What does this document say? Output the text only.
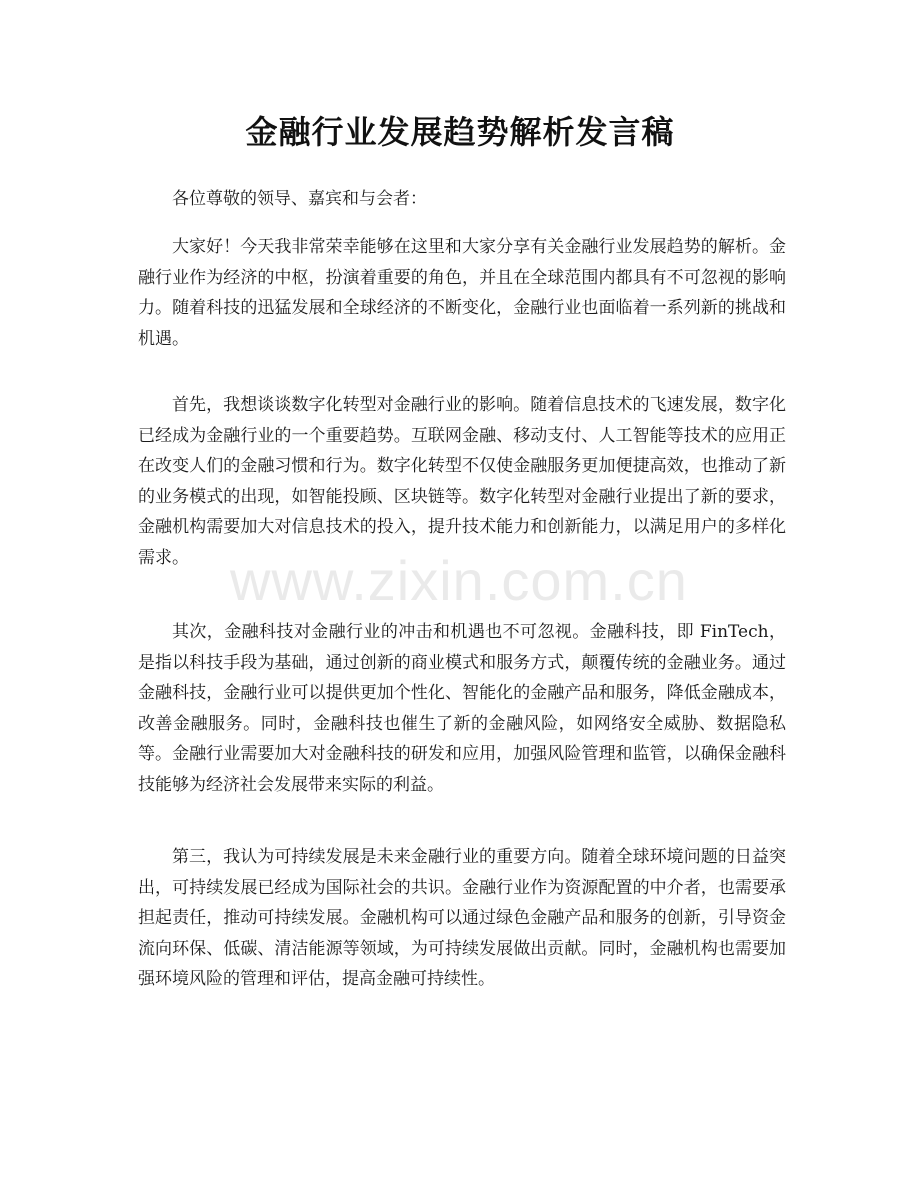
金融行业发展趋势解析发言稿

各位尊敬的领导、嘉宾和与会者：

大家好！今天我非常荣幸能够在这里和大家分享有关金融行业发展趋势的解析。金融行业作为经济的中枢，扮演着重要的角色，并且在全球范围内都具有不可忽视的影响力。随着科技的迅猛发展和全球经济的不断变化，金融行业也面临着一系列新的挑战和机遇。

首先，我想谈谈数字化转型对金融行业的影响。随着信息技术的飞速发展，数字化已经成为金融行业的一个重要趋势。互联网金融、移动支付、人工智能等技术的应用正在改变人们的金融习惯和行为。数字化转型不仅使金融服务更加便捷高效，也推动了新的业务模式的出现，如智能投顾、区块链等。数字化转型对金融行业提出了新的要求，金融机构需要加大对信息技术的投入，提升技术能力和创新能力，以满足用户的多样化需求。

其次，金融科技对金融行业的冲击和机遇也不可忽视。金融科技，即 FinTech，是指以科技手段为基础，通过创新的商业模式和服务方式，颠覆传统的金融业务。通过金融科技，金融行业可以提供更加个性化、智能化的金融产品和服务，降低金融成本，改善金融服务。同时，金融科技也催生了新的金融风险，如网络安全威胁、数据隐私等。金融行业需要加大对金融科技的研发和应用，加强风险管理和监管，以确保金融科技能够为经济社会发展带来实际的利益。

第三，我认为可持续发展是未来金融行业的重要方向。随着全球环境问题的日益突出，可持续发展已经成为国际社会的共识。金融行业作为资源配置的中介者，也需要承担起责任，推动可持续发展。金融机构可以通过绿色金融产品和服务的创新，引导资金流向环保、低碳、清洁能源等领域，为可持续发展做出贡献。同时，金融机构也需要加强环境风险的管理和评估，提高金融可持续性。

www.zixin.com.cn
